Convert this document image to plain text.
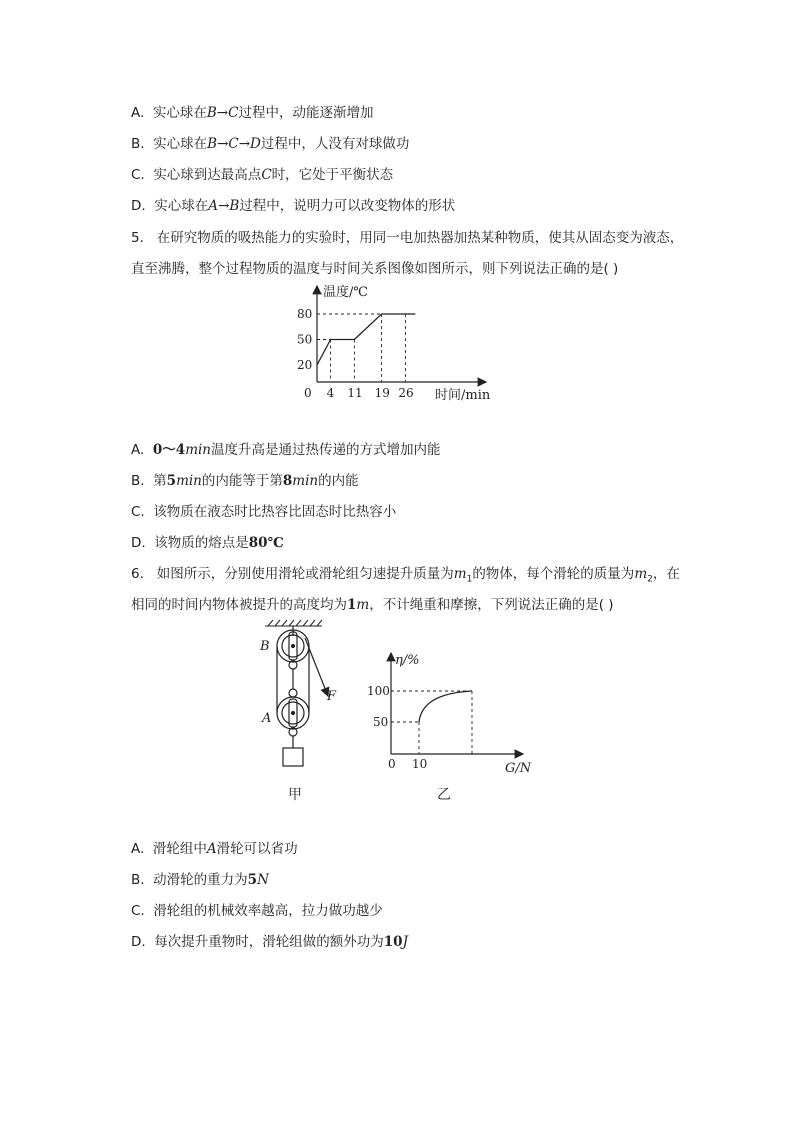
A. 实心球在B→C过程中，动能逐渐增加
B. 实心球在B→C→D过程中，人没有对球做功
C. 实心球到达最高点C时，它处于平衡状态
D. 实心球在A→B过程中，说明力可以改变物体的形状
5. 在研究物质的吸热能力的实验时，用同一电加热器加热某种物质，使其从固态变为液态，
直至沸腾，整个过程物质的温度与时间关系图像如图所示，则下列说法正确的是( )
温度/℃
时间/min
0 4 11 19 26
20
50
80
A. 0～4min温度升高是通过热传递的方式增加内能
B. 第5min的内能等于第8min的内能
C. 该物质在液态时比热容比固态时比热容小
D. 该物质的熔点是80℃
6. 如图所示，分别使用滑轮或滑轮组匀速提升质量为$m_1$的物体，每个滑轮的质量为$m_2$，在
相同的时间内物体被提升的高度均为1m，不计绳重和摩擦，下列说法正确的是( )
B
A
F
甲
η/%
G/N
100
50
0 10
乙
A. 滑轮组中A滑轮可以省功
B. 动滑轮的重力为5N
C. 滑轮组的机械效率越高，拉力做功越少
D. 每次提升重物时，滑轮组做的额外功为10J
